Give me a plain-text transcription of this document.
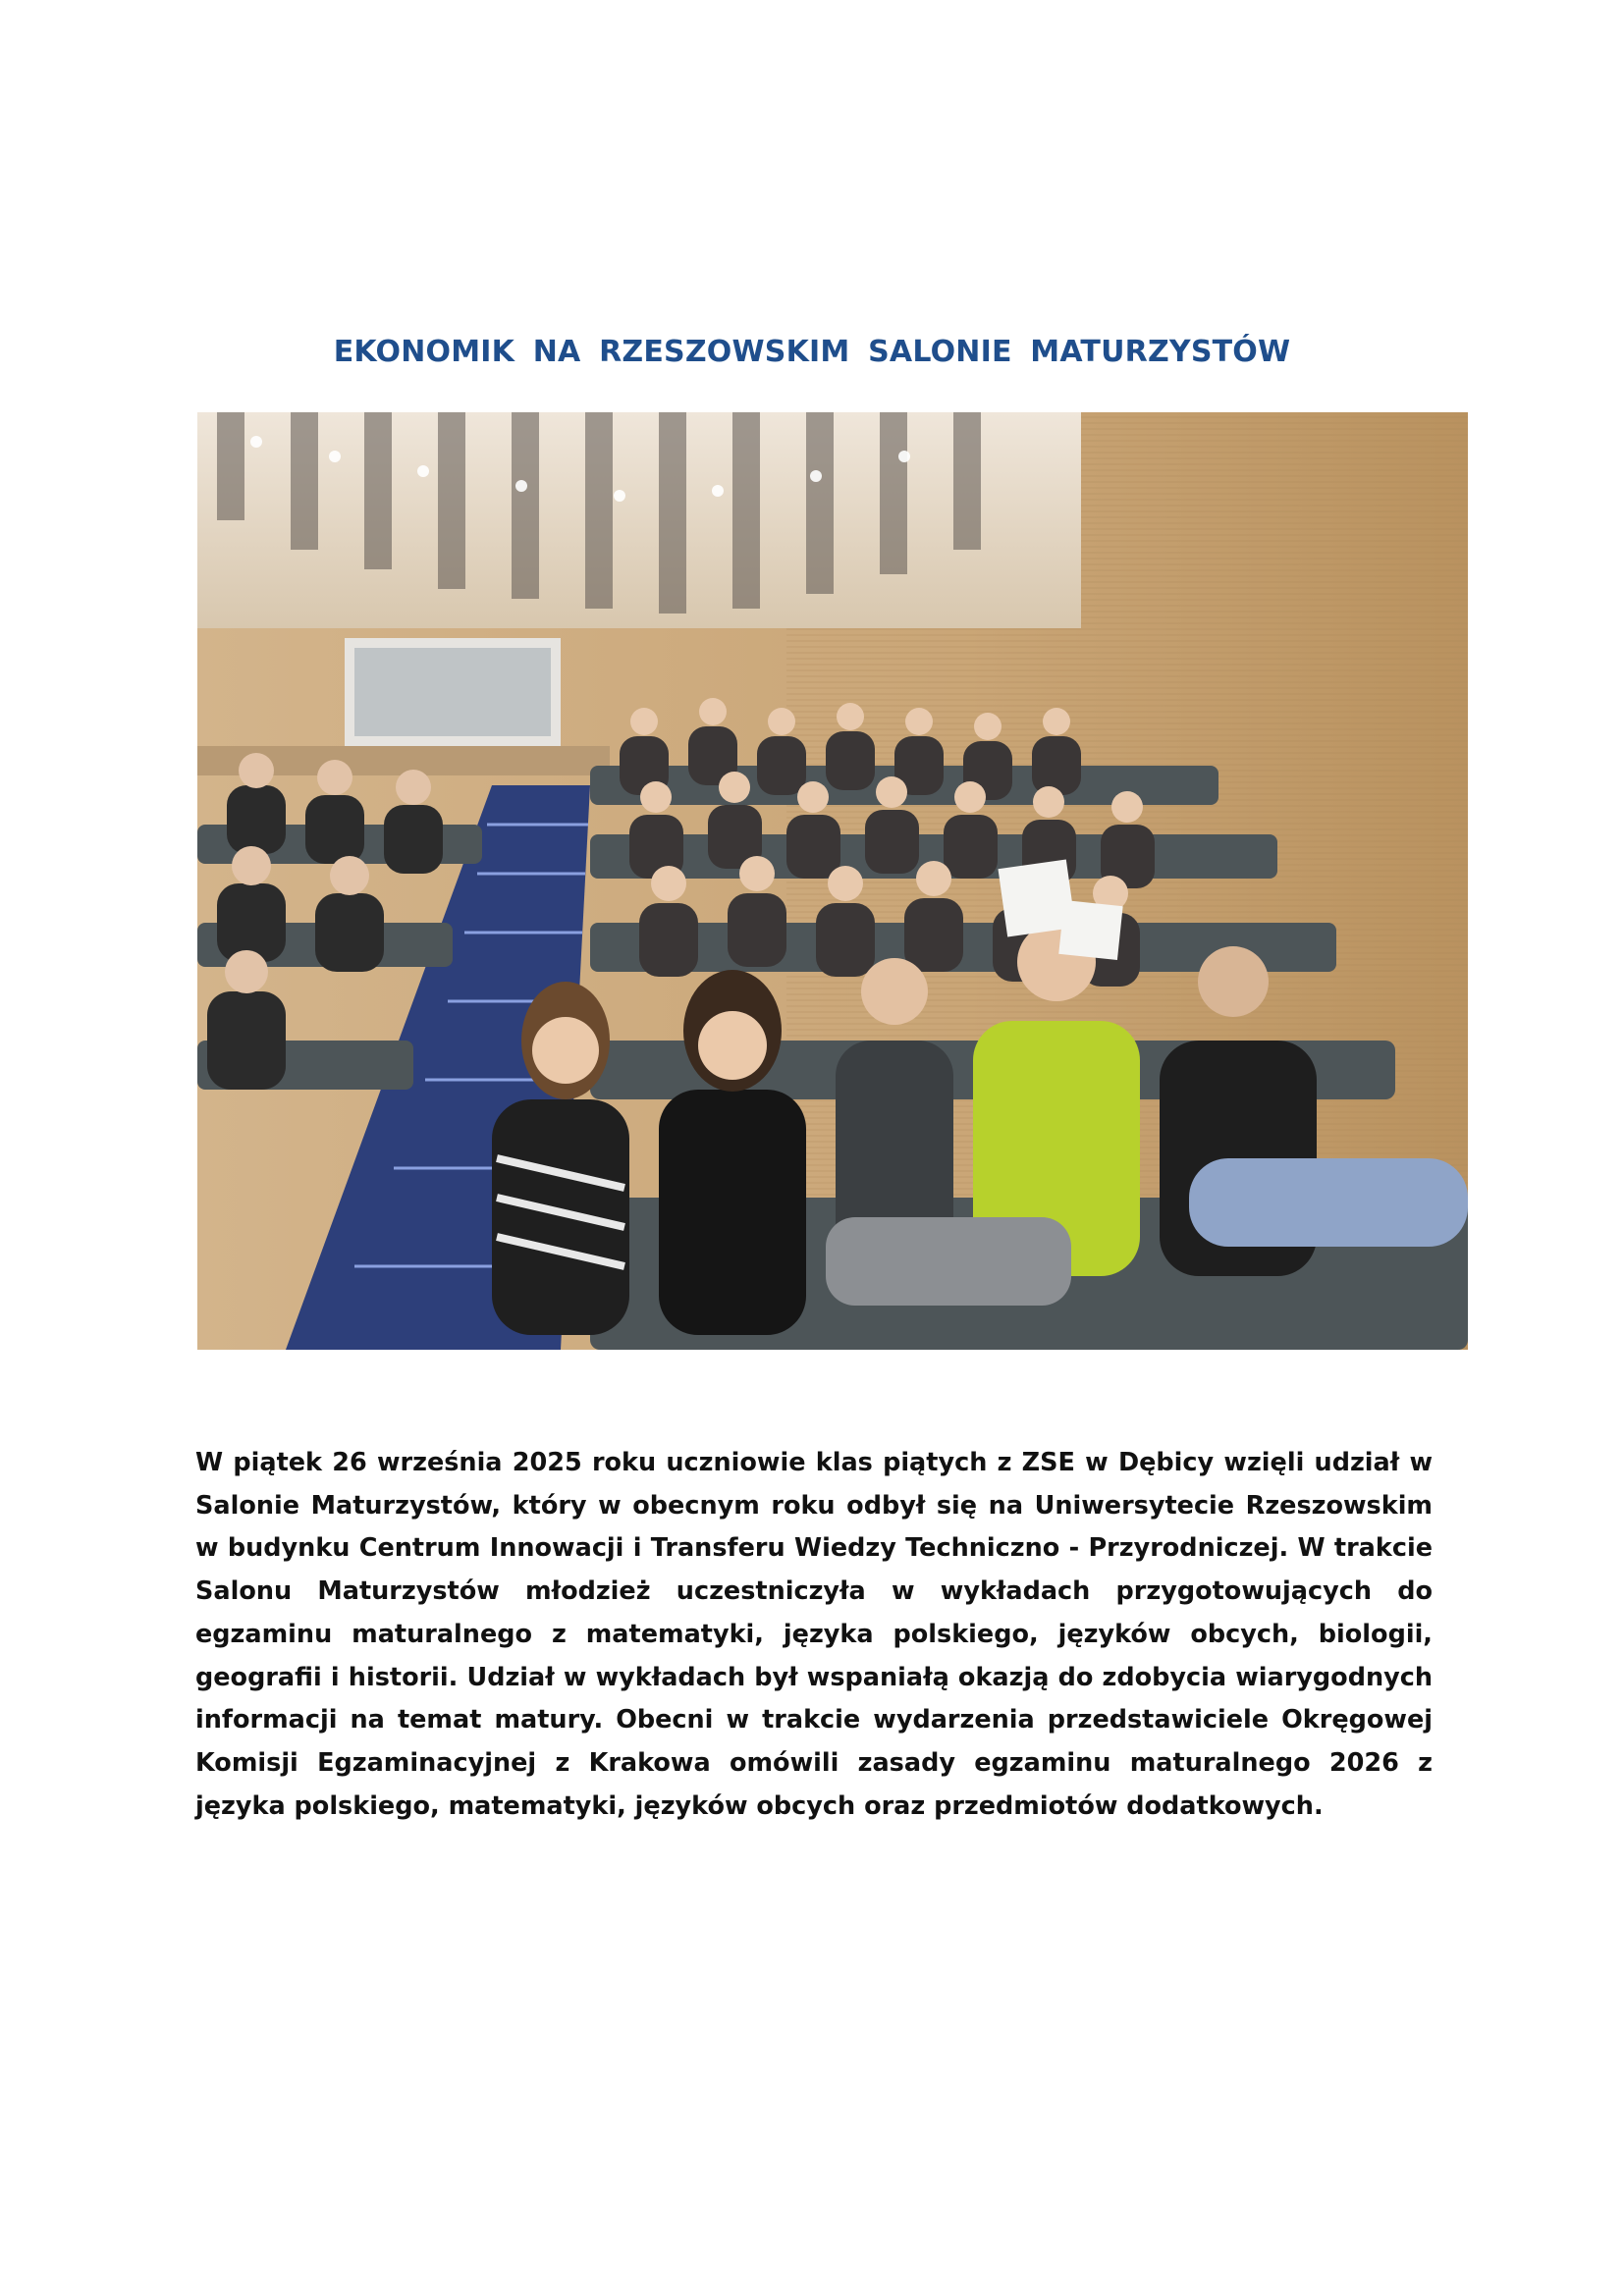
EKONOMIK NA RZESZOWSKIM SALONIE MATURZYSTÓW

W piątek 26 września 2025 roku uczniowie klas piątych z ZSE w Dębicy wzięli udział w Salonie Maturzystów, który w obecnym roku odbył się na Uniwersytecie Rzeszowskim w budynku Centrum Innowacji i Transferu Wiedzy Techniczno - Przyrodniczej. W trakcie Salonu Maturzystów młodzież uczestniczyła w wykładach przygotowujących do egzaminu maturalnego z matematyki, języka polskiego, języków obcych, biologii, geografii i historii. Udział w wykładach był wspaniałą okazją do zdobycia wiarygodnych informacji na temat matury. Obecni w trakcie wydarzenia przedstawiciele Okręgowej Komisji Egzaminacyjnej z Krakowa omówili zasady egzaminu maturalnego 2026 z języka polskiego, matematyki, języków obcych oraz przedmiotów dodatkowych.
